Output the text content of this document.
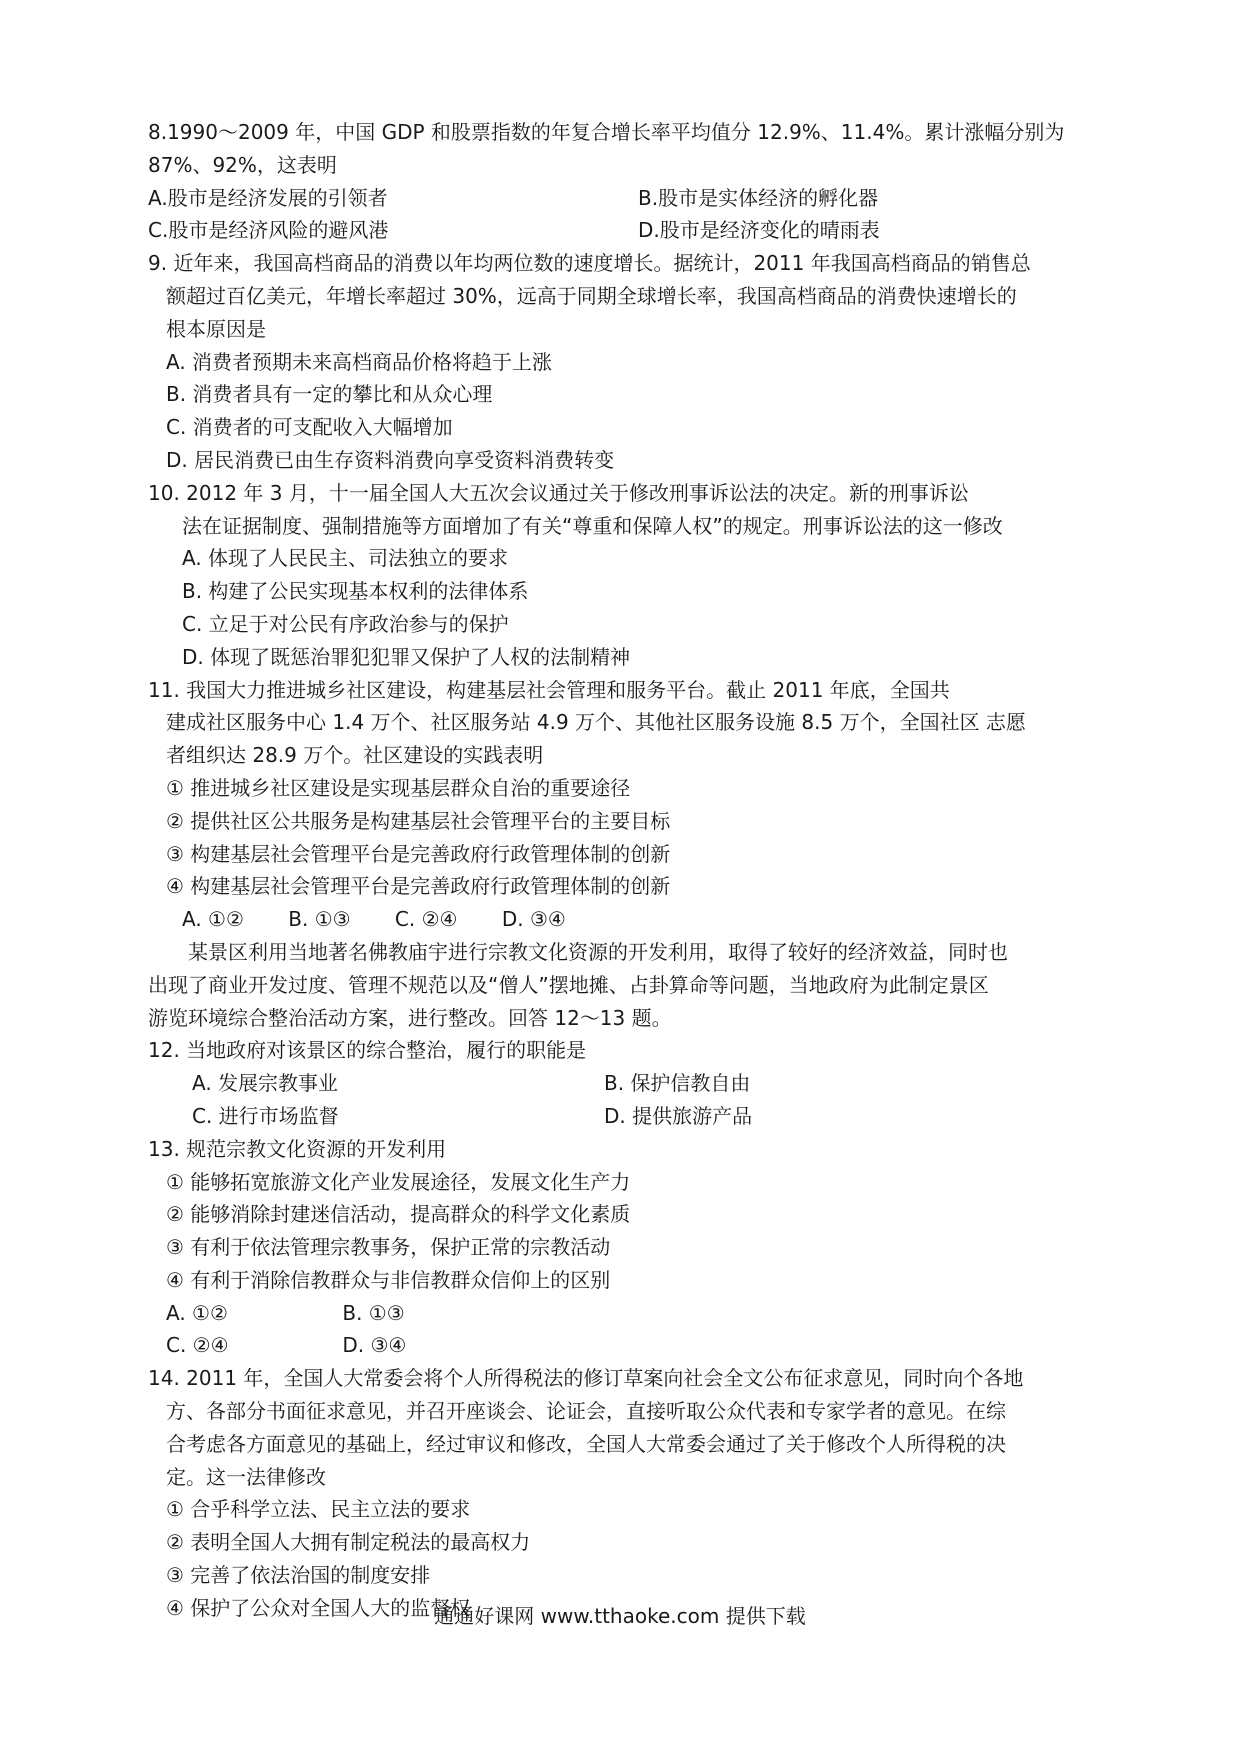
8.1990～2009 年，中国 GDP 和股票指数的年复合增长率平均值分 12.9%、11.4%。累计涨幅分别为
87%、92%，这表明
A.股市是经济发展的引领者	B.股市是实体经济的孵化器
C.股市是经济风险的避风港	D.股市是经济变化的晴雨表
9. 近年来，我国高档商品的消费以年均两位数的速度增长。据统计，2011 年我国高档商品的销售总
额超过百亿美元，年增长率超过 30%，远高于同期全球增长率，我国高档商品的消费快速增长的
根本原因是
A. 消费者预期未来高档商品价格将趋于上涨
B. 消费者具有一定的攀比和从众心理
C. 消费者的可支配收入大幅增加
D. 居民消费已由生存资料消费向享受资料消费转变
10. 2012 年 3 月，十一届全国人大五次会议通过关于修改刑事诉讼法的决定。新的刑事诉讼
法在证据制度、强制措施等方面增加了有关“尊重和保障人权”的规定。刑事诉讼法的这一修改
A. 体现了人民民主、司法独立的要求
B. 构建了公民实现基本权利的法律体系
C. 立足于对公民有序政治参与的保护
D. 体现了既惩治罪犯犯罪又保护了人权的法制精神
11. 我国大力推进城乡社区建设，构建基层社会管理和服务平台。截止 2011 年底，全国共
建成社区服务中心 1.4 万个、社区服务站 4.9 万个、其他社区服务设施 8.5 万个，全国社区 志愿
者组织达 28.9 万个。社区建设的实践表明
① 推进城乡社区建设是实现基层群众自治的重要途径
② 提供社区公共服务是构建基层社会管理平台的主要目标
③ 构建基层社会管理平台是完善政府行政管理体制的创新
④ 构建基层社会管理平台是完善政府行政管理体制的创新
A. ①② B. ①③ C. ②④ D. ③④
某景区利用当地著名佛教庙宇进行宗教文化资源的开发利用，取得了较好的经济效益，同时也
出现了商业开发过度、管理不规范以及“僧人”摆地摊、占卦算命等问题，当地政府为此制定景区
游览环境综合整治活动方案，进行整改。回答 12～13 题。
12. 当地政府对该景区的综合整治，履行的职能是
A. 发展宗教事业	B. 保护信教自由
C. 进行市场监督	D. 提供旅游产品
13. 规范宗教文化资源的开发利用
① 能够拓宽旅游文化产业发展途径，发展文化生产力
② 能够消除封建迷信活动，提高群众的科学文化素质
③ 有利于依法管理宗教事务，保护正常的宗教活动
④ 有利于消除信教群众与非信教群众信仰上的区别
A. ①②	B. ①③
C. ②④	D. ③④
14. 2011 年，全国人大常委会将个人所得税法的修订草案向社会全文公布征求意见，同时向个各地
方、各部分书面征求意见，并召开座谈会、论证会，直接听取公众代表和专家学者的意见。在综
合考虑各方面意见的基础上，经过审议和修改，全国人大常委会通过了关于修改个人所得税的决
定。这一法律修改
① 合乎科学立法、民主立法的要求
② 表明全国人大拥有制定税法的最高权力
③ 完善了依法治国的制度安排
④ 保护了公众对全国人大的监督权
通通好课网 www.tthaoke.com 提供下载
